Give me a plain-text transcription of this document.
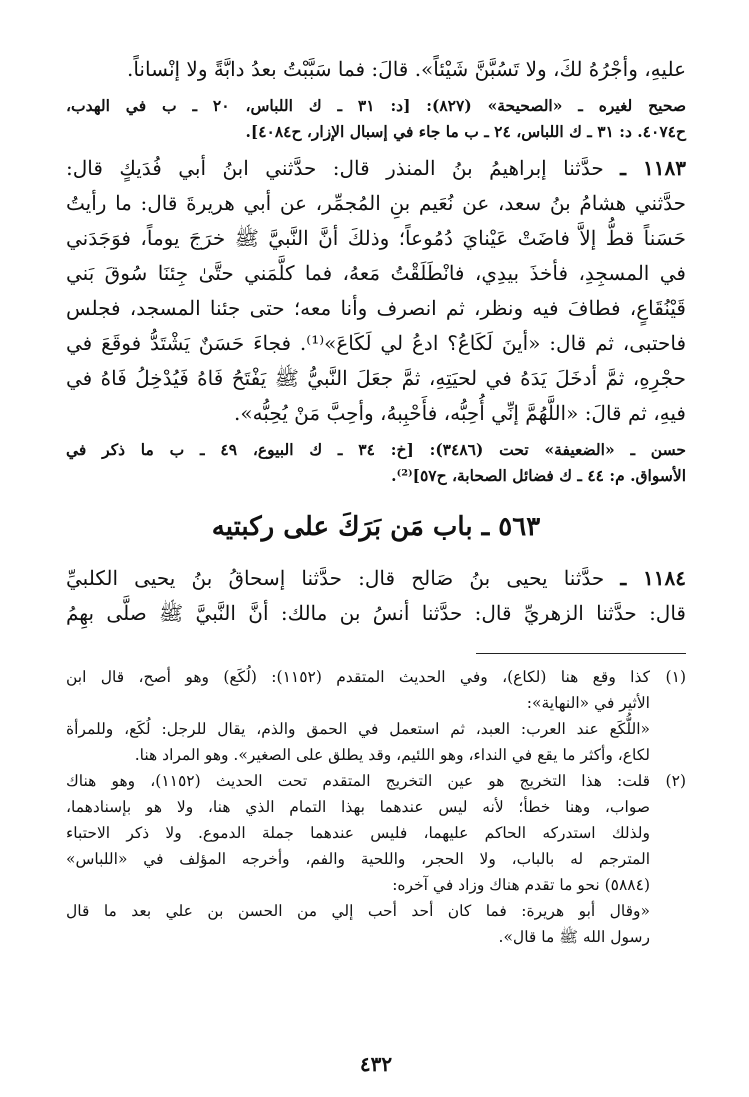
عليهِ، وأجْرُهُ لكَ، ولا تَسُبَّنَّ شَيْئاً». قالَ: فما سَبَّبْتُ بعدُ دابَّةً ولا إنْساناً.
صحيح لغيره ـ «الصحيحة» (٨٢٧): [د: ٣١ ـ ك اللباس، ٢٠ ـ ب في الهدب،
ح٤٠٧٤. د: ٣١ ـ ك اللباس، ٢٤ ـ ب ما جاء في إسبال الإزار، ح٤٠٨٤].
١١٨٣ ـ حدَّثنا إبراهيمُ بنُ المنذر قال: حدَّثني ابنُ أبي فُدَيكٍ قال:
حدَّثني هشامُ بنُ سعد، عن نُعَيم بنِ المُجمِّر، عن أبي هريرةَ قال: ما رأيتُ
حَسَناً قطُّ إلاَّ فاضَتْ عَيْنايَ دُمُوعاً؛ وذلكَ أنَّ النَّبيَّ ﷺ خرَجَ يوماً، فوَجَدَني
في المسجِدِ، فأخذَ بيدِي، فانْطَلَقْتُ مَعهُ، فما كلَّمَني حتَّىٰ جِئنَا سُوقَ بَني
قَيْنُقَاعٍ، فطافَ فيه ونظر، ثم انصرف وأنا معه؛ حتى جئنا المسجد، فجلس
فاحتبى، ثم قال: «أينَ لَكَاعُ؟ ادعُ لي لَكَاعَ»⁽¹⁾. فجاءَ حَسَنٌ يَشْتَدُّ فوقَعَ في
حجْرِهِ، ثمَّ أدخَلَ يَدَهُ في لحيَتِهِ، ثمَّ جعَلَ النَّبيُّ ﷺ يَفْتَحُ فَاهُ فَيُدْخِلُ فَاهُ في
فيهِ، ثم قالَ: «اللَّهُمَّ إنِّي أُحِبُّه، فأَحْبِبهُ، وأحِبَّ مَنْ يُحِبُّه».
حسن ـ «الضعيفة» تحت (٣٤٨٦): [خ: ٣٤ ـ ك البيوع، ٤٩ ـ ب ما ذكر في
الأسواق. م: ٤٤ ـ ك فضائل الصحابة، ح٥٧]⁽²⁾.
٥٦٣ ـ باب مَن بَرَكَ على ركبتيه
١١٨٤ ـ حدَّثنا يحيى بنُ صَالح قال: حدَّثنا إسحاقُ بنُ يحيى الكلبيِّ
قال: حدَّثنا الزهريِّ قال: حدَّثنا أنسُ بن مالك: أنَّ النَّبيَّ ﷺ صلَّى بهِمُ
(١)
كذا وقع هنا (لكاع)، وفي الحديث المتقدم (١١٥٢): (لُكَع) وهو أصح، قال ابن
الأثير في «النهاية»:
«اللُّكَع عند العرب: العبد، ثم استعمل في الحمق والذم، يقال للرجل: لُكَع، وللمرأة
لكاع، وأكثر ما يقع في النداء، وهو اللئيم، وقد يطلق على الصغير». وهو المراد هنا.
(٢)
قلت: هذا التخريج هو عين التخريج المتقدم تحت الحديث (١١٥٢)، وهو هناك
صواب، وهنا خطأ؛ لأنه ليس عندهما بهذا التمام الذي هنا، ولا هو بإسنادهما،
ولذلك استدركه الحاكم عليهما، فليس عندهما جملة الدموع. ولا ذكر الاحتباء
المترجم له بالباب، ولا الحجر، واللحية والفم، وأخرجه المؤلف في «اللباس»
(٥٨٨٤) نحو ما تقدم هناك وزاد في آخره:
«وقال أبو هريرة: فما كان أحد أحب إلي من الحسن بن علي بعد ما قال
رسول الله ﷺ ما قال».
٤٣٢
